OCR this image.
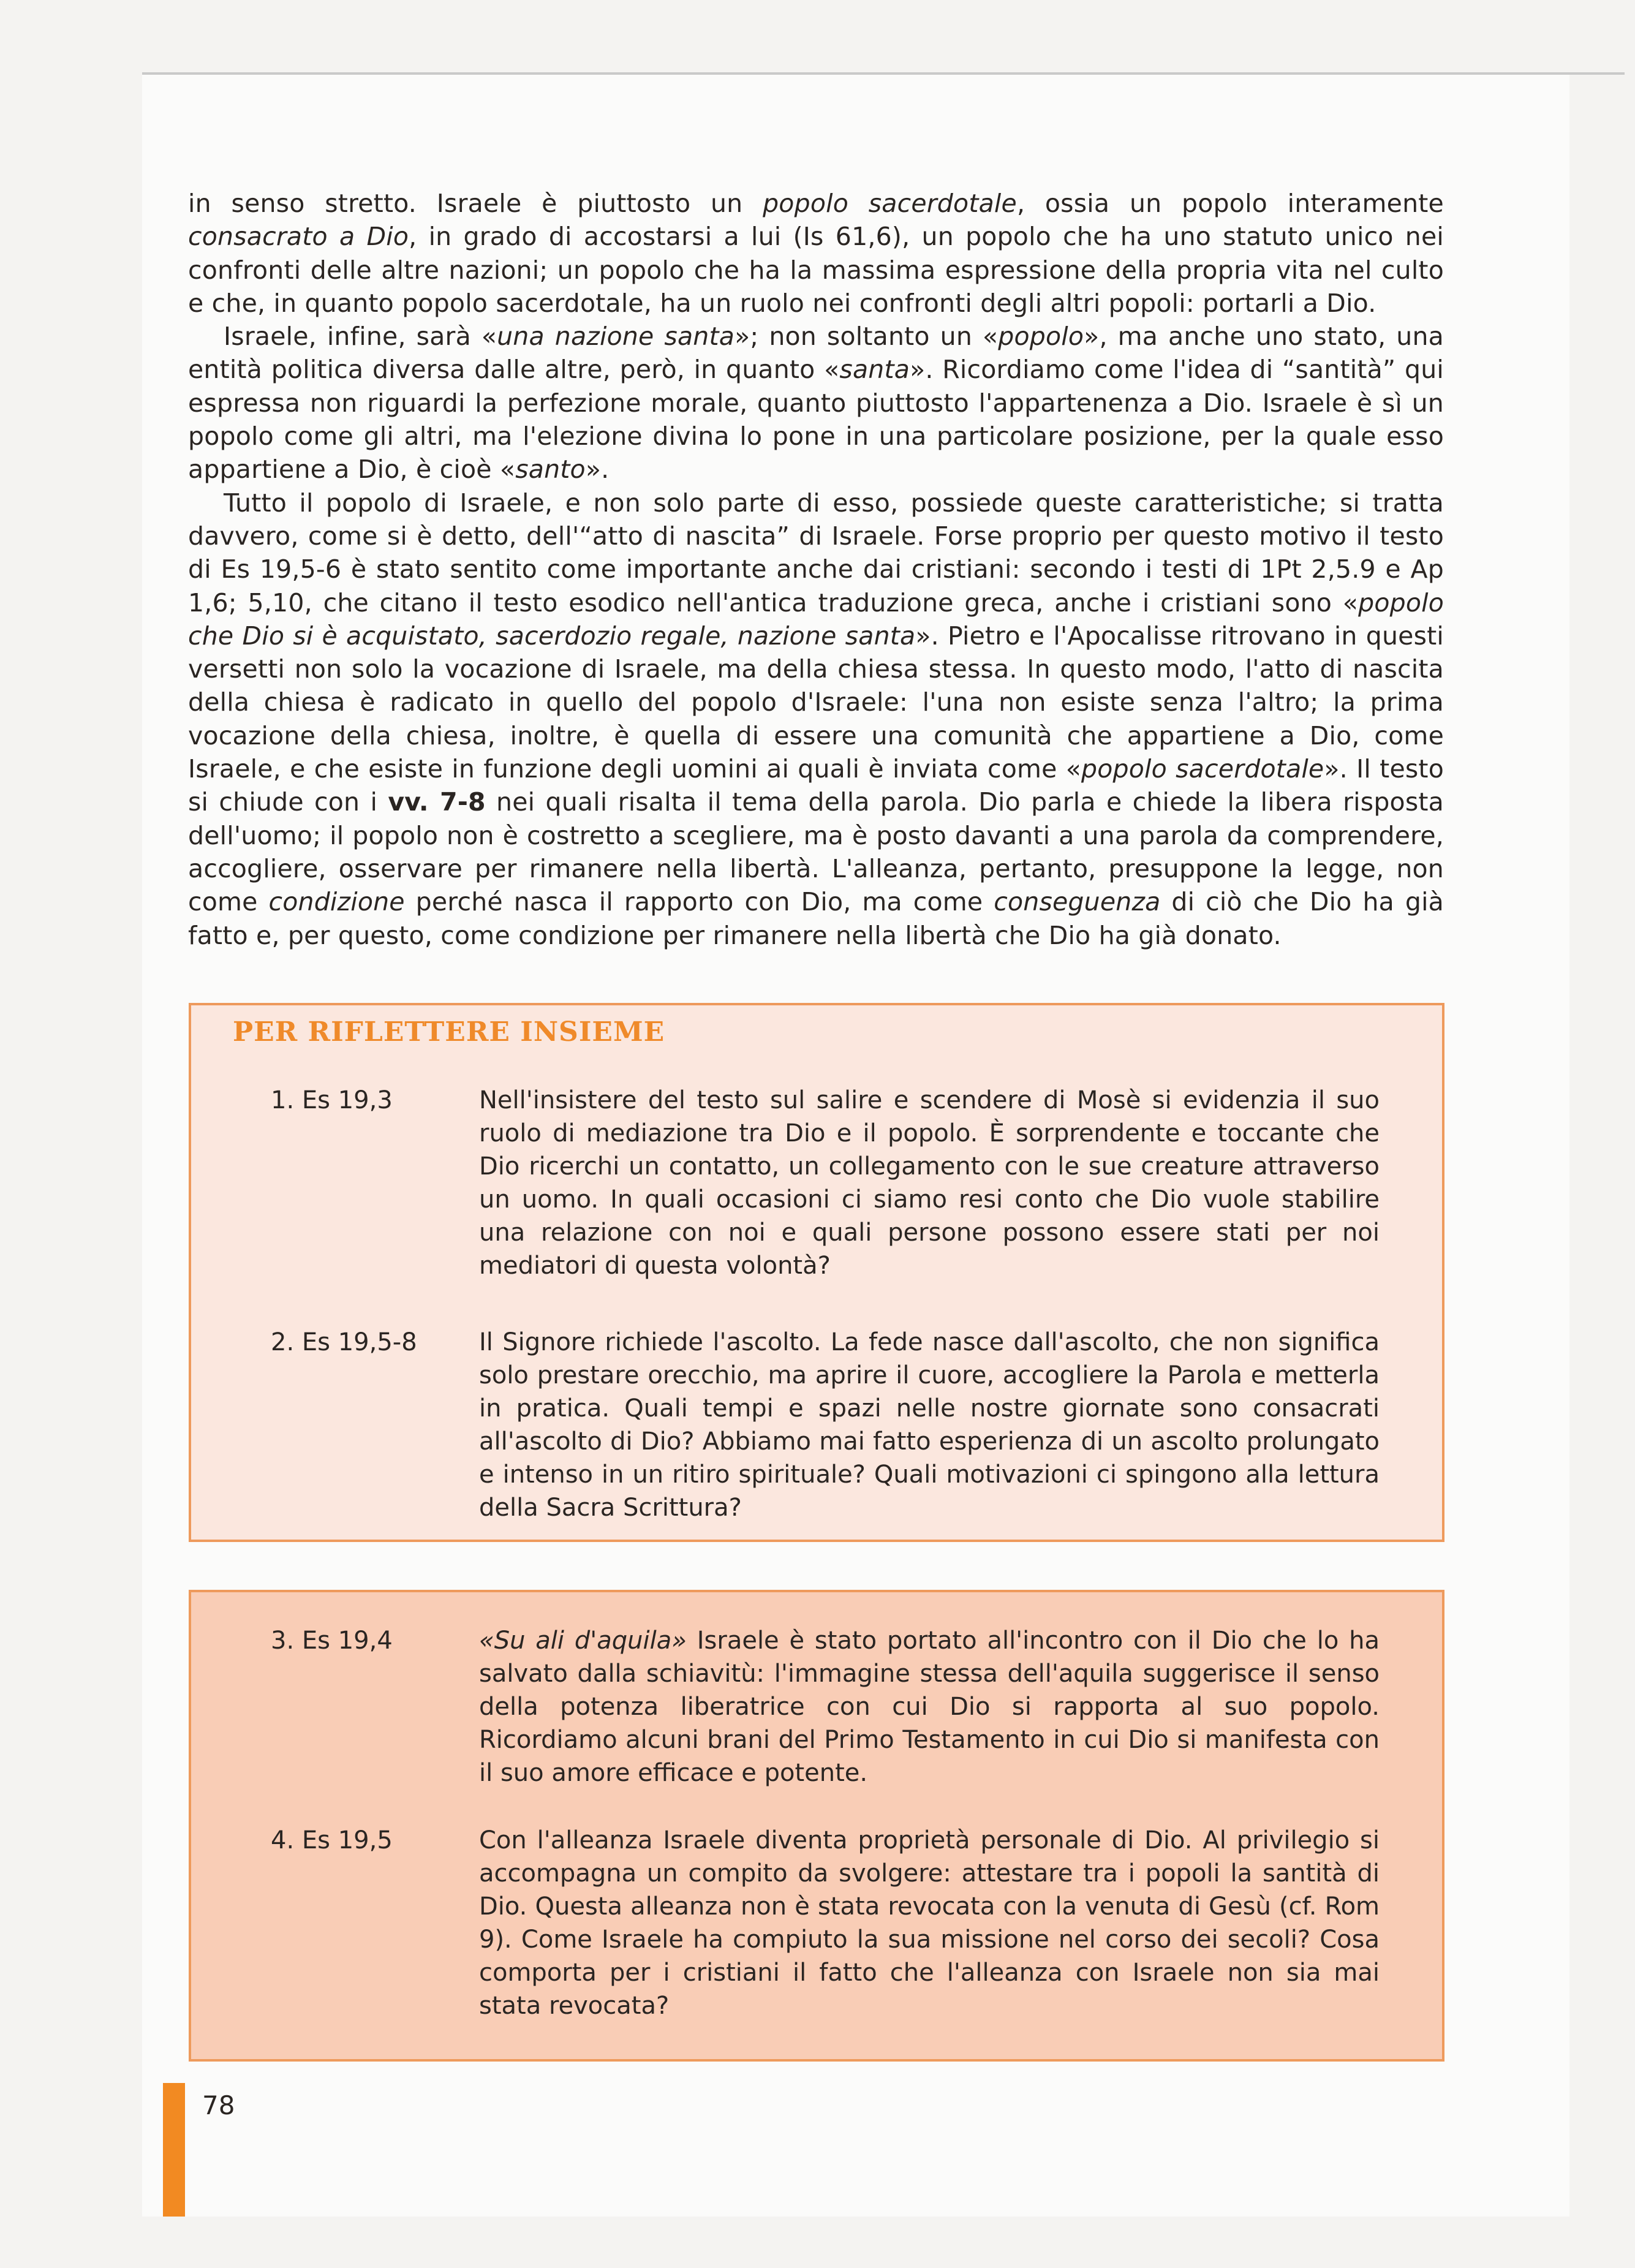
in senso stretto. Israele è piuttosto un popolo sacerdotale, ossia un popolo interamente consacrato a Dio, in grado di accostarsi a lui (Is 61,6), un popolo che ha uno statuto unico nei confronti delle altre nazioni; un popolo che ha la massima espressione della propria vita nel culto e che, in quanto popolo sacerdotale, ha un ruolo nei confronti degli altri popoli: portarli a Dio.

Israele, infine, sarà «una nazione santa»; non soltanto un «popolo», ma anche uno stato, una entità politica diversa dalle altre, però, in quanto «santa». Ricordiamo come l'idea di “santità” qui espressa non riguardi la perfezione morale, quanto piuttosto l'appartenenza a Dio. Israele è sì un popolo come gli altri, ma l'elezione divina lo pone in una particolare posizione, per la quale esso appartiene a Dio, è cioè «santo».

Tutto il popolo di Israele, e non solo parte di esso, possiede queste caratteristiche; si tratta davvero, come si è detto, dell'“atto di nascita” di Israele. Forse proprio per questo motivo il testo di Es 19,5-6 è stato sentito come importante anche dai cristiani: secondo i testi di 1Pt 2,5.9 e Ap 1,6; 5,10, che citano il testo esodico nell'antica traduzione greca, anche i cristiani sono «popolo che Dio si è acquistato, sacerdozio regale, nazione santa». Pietro e l'Apocalisse ritrovano in questi versetti non solo la vocazione di Israele, ma della chiesa stessa. In questo modo, l'atto di nascita della chiesa è radicato in quello del popolo d'Israele: l'una non esiste senza l'altro; la prima vocazione della chiesa, inoltre, è quella di essere una comunità che appartiene a Dio, come Israele, e che esiste in funzione degli uomini ai quali è inviata come «popolo sacerdotale». Il testo si chiude con i vv. 7-8 nei quali risalta il tema della parola. Dio parla e chiede la libera risposta dell'uomo; il popolo non è costretto a scegliere, ma è posto davanti a una parola da comprendere, accogliere, osservare per rimanere nella libertà. L'alleanza, pertanto, presuppone la legge, non come condizione perché nasca il rapporto con Dio, ma come conseguenza di ciò che Dio ha già fatto e, per questo, come condizione per rimanere nella libertà che Dio ha già donato.

PER RIFLETTERE INSIEME
1. Es 19,3	Nell'insistere del testo sul salire e scendere di Mosè si evidenzia il suo ruolo di mediazione tra Dio e il popolo. È sorprendente e toccante che Dio ricerchi un contatto, un collegamento con le sue creature attraverso un uomo. In quali occasioni ci siamo resi conto che Dio vuole stabilire una relazione con noi e quali persone possono essere stati per noi mediatori di questa volontà?
2. Es 19,5-8	Il Signore richiede l'ascolto. La fede nasce dall'ascolto, che non significa solo prestare orecchio, ma aprire il cuore, accogliere la Parola e metterla in pratica. Quali tempi e spazi nelle nostre giornate sono consacrati all'ascolto di Dio? Abbiamo mai fatto esperienza di un ascolto prolungato e intenso in un ritiro spirituale? Quali motivazioni ci spingono alla lettura della Sacra Scrittura?
3. Es 19,4	«Su ali d'aquila» Israele è stato portato all'incontro con il Dio che lo ha salvato dalla schiavitù: l'immagine stessa dell'aquila suggerisce il senso della potenza liberatrice con cui Dio si rapporta al suo popolo. Ricordiamo alcuni brani del Primo Testamento in cui Dio si manifesta con il suo amore efficace e potente.
4. Es 19,5	Con l'alleanza Israele diventa proprietà personale di Dio. Al privilegio si accompagna un compito da svolgere: attestare tra i popoli la santità di Dio. Questa alleanza non è stata revocata con la venuta di Gesù (cf. Rom 9). Come Israele ha compiuto la sua missione nel corso dei secoli? Cosa comporta per i cristiani il fatto che l'alleanza con Israele non sia mai stata revocata?
78
